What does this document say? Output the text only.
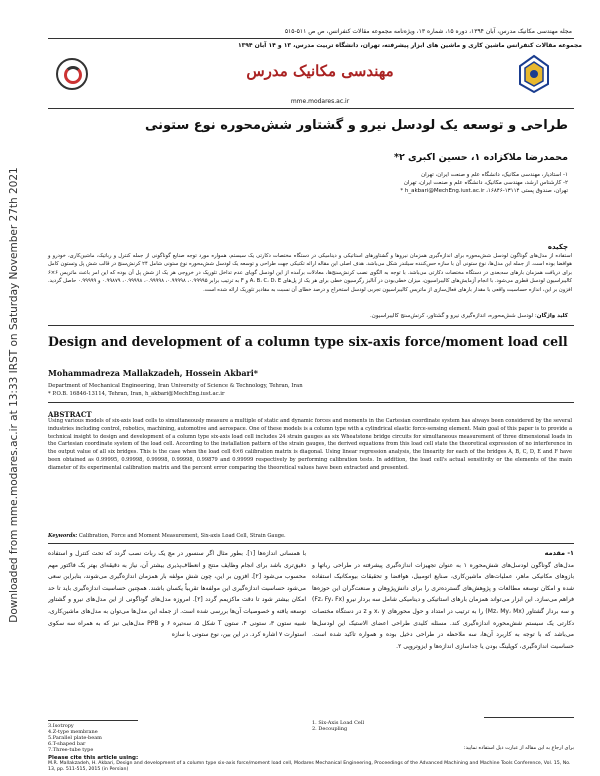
Downloaded from mme.modares.ac.ir at 13:33 IRST on Saturday November 27th 2021
مجله مهندسی مکانیک مدرس، آبان ۱۳۹۴، دوره ۱۵، شماره ۱۳، ویژه‌نامه مجموعه مقالات کنفرانس، ص ص ۵۱۱-۵۱۵
مجموعه مقالات کنفرانس ماشین کاری و ماشین های ابزار پیشرفته، تهران، دانشگاه تربیت مدرس، ۱۳ و ۱۴ آبان ۱۳۹۴
مهندسی مکانیک مدرس
mme.modares.ac.ir
طراحی و توسعه یک لودسل نیرو و گشتاور شش‌محوره نوع ستونی
محمدرضا ملاکزاده ۱، حسین اکبری ۲*
۱- استادیار، مهندسی مکانیک، دانشگاه علم و صنعت ایران، تهران
۲- کارشناس ارشد، مهندسی مکانیک، دانشگاه علم و صنعت ایران، تهران
تهران، صندوق پستی ۱۳۱۱۴-۱۶۸۴۶، h_akbari@MechEng.iust.ac.ir *
چکیده
استفاده از مدل‌های گوناگون لودسل شش‌محوره برای اندازه‌گیری همزمان نیروها و گشتاورهای استاتیکی و دینامیکی در دستگاه مختصات دکارتی یک سیستم، همواره مورد توجه صنایع گوناگونی از جمله کنترل و رباتیک، ماشین‌کاری، خودرو و هوافضا بوده است. از جمله این مدل‌ها، نوع ستونی آن با سازه حس‌کننده سیلندر شکل می‌باشد. هدف اصلی این مقاله ارائه تکنیکی جهت طراحی و توسعه یک لودسل شش‌محوره نوع ستونی شامل ۲۴ کرنش‌سنج در قالب شش پل وتستون کامل برای دریافت همزمان بارهای سه‌بعدی در دستگاه مختصات دکارتی می‌باشد. با توجه به الگوی نصب کرنش‌سنج‌ها، معادلات برآمده از این لودسل گویای عدم تداخل تئوریک در خروجی هر یک از شش پل آن بوده که این امر باعث ماتریس ۶×۶ کالیبراسیون لودسل قطری می‌شود. با انجام آزمایش‌های کالیبراسیون، میزان خطی‌بودن در آنالیز رگرسیون خطی برای هر یک از پل‌های A، B، C، D، E و F به ترتیب برابر ۰.۹۹۹۹۵، ۰.۹۹۹۹۸، ۰.۹۹۹۹۸، ۰.۹۹۹۹۸، ۰.۹۹۸۷۹ و ۰.۹۹۹۹۹ حاصل گردید. افزون بر این، اندازه حساسیت واقعی با مقدار بارهای فعال‌سازی از ماتریس کالیبراسیون تجربی لودسل استخراج و درصد خطای آن نسبت به مقادیر تئوریک ارائه شده است.
کلید واژگان: لودسل شش‌محوره، اندازه‌گیری نیرو و گشتاور، کرنش‌سنج کالیبراسیون.
Design and development of a column type six-axis force/moment load cell
Mohammadreza Mallakzadeh, Hossein Akbari*
Department of Mechanical Engineering, Iran University of Science & Technology, Tehran, Iran
* P.O.B. 16846-13114, Tehran, Iran, h_akbari@MechEng.iust.ac.ir
ABSTRACT
Using various models of six-axis load cells to simultaneously measure a multiple of static and dynamic forces and moments in the Cartesian coordinate system has always been considered by the several industries including control, robotics, machining, automotive and aerospace. One of these models is a column type with a cylindrical elastic force-sensing element. Main goal of this paper is to provide a technical insight to design and development of a column type six-axis load cell includes 24 strain gauges as six Wheatstone bridge circuits for simultaneous measurement of three dimensional loads in the Cartesian coordinate system of the load cell. According to the installation pattern of the strain gauges, the derived equations from this load cell state the theoretical expression of no interference in the output value of all six bridges. This is the case when the load cell 6×6 calibration matrix is diagonal. Using linear regression analysis, the linearity for each of the bridges A, B, C, D, E and F have been obtained as 0.99995, 0.99998, 0.99998, 0.99998, 0.99879 and 0.99999 respectively by performing calibration tests. In addition, the load cell's actual sensitivity or the elements of the main diameter of its experimental calibration matrix and the percent error comparing the theoretical values have been extracted and presented.
Keywords: Calibration, Force and Moment Measurement, Six-axis Load Cell, Strain Gauge.
۱- مقدمه
مدل‌های گوناگون لودسل‌های شش‌محوره ۱ به عنوان تجهیزات اندازه‌گیری پیشرفته در طراحی رباتها و بازوهای مکانیکی ماهر، عملیات‌های ماشین‌کاری، صنایع اتومبیل، هوافضا و تحقیقات بیومکانیک استفاده شده و امکان توسعه مطالعات و پژوهش‌های گسترده‌تری را برای دانش‌پژوهان و صنعت‌گران این حوزه‌ها فراهم می‌سازد. این ابزار می‌تواند همزمان بارهای استاتیکی و دینامیکی شامل سه بردار نیرو (Fz، Fy، Fx) و سه بردار گشتاور (Mz، My، Mx) را به ترتیب در امتداد و حول محورهای x، y و z در دستگاه مختصات دکارتی یک سیستم شش‌محوره اندازه‌گیری کند. مسئله کلیدی طراحی اعضای الاستیک این لودسل‌ها می‌باشد که با توجه به کاربرد آن‌ها، سه ملاحظه در طراحی دخیل بوده و همواره تاکید شده است. حساسیت اندازه‌گیری، کوپلینگ بودن یا جداسازی اندازه‌ها و ایزوتروپی ۲.
با همسانی اندازه‌ها [۱]. بطور مثال اگر سنسور در مچ یک ربات نصب گردد که تحت کنترل و استفاده دقیق‌تری باشد برای انجام وظایف منتج و انعطاف‌پذیری بیشتر آن، نیاز به دقیقه‌ای بهتر یک فاکتور مهم محسوب می‌شود [۲]. افزون بر این، چون شش مولفه بار همزمان اندازه‌گیری می‌شوند، بنابراین سعی می‌شود حساسیت اندازه‌گیری این مولفه‌ها تقریباً یکسان باشند. همچنین حساسیت اندازه‌گیری باید تا حد امکان بیشتر شود تا دقت ماکزیمم گردد [۲]. امروزه مدل‌های گوناگونی از این مدل‌های نیرو و گشتاور توسعه یافته و خصوصیات آن‌ها بررسی شده است. از جمله این مدل‌ها می‌توان به مدل‌های ماشین‌کاری، شبیه ستون ۳، ستونی ۴، ستون‌ T شکل ۵، سه‌تیره ۶ و PPB مدل‌هایی نیز که به همراه سه سکوی استوارت ۷ اشاره کرد. در این بین، نوع ستونی با سازه
3.Isotropy
4.Z-type membrane
5.Parallel plate-beam
6.T-shaped bar
7.Three-tube type
1. Six-Axis Load Cell
2. Decoupling
برای ارجاع به این مقاله از عبارت ذیل استفاده نمایید:
Please cite this article using:
M.R. Mallakzadeh, H. Akbari, Design and development of a column type six-axis force/moment load cell, Modares Mechanical Engineering, Proceedings of the Advanced Machining and Machine Tools Conference, Vol. 15, No. 13, pp. 511-515, 2015 (in Persian)
